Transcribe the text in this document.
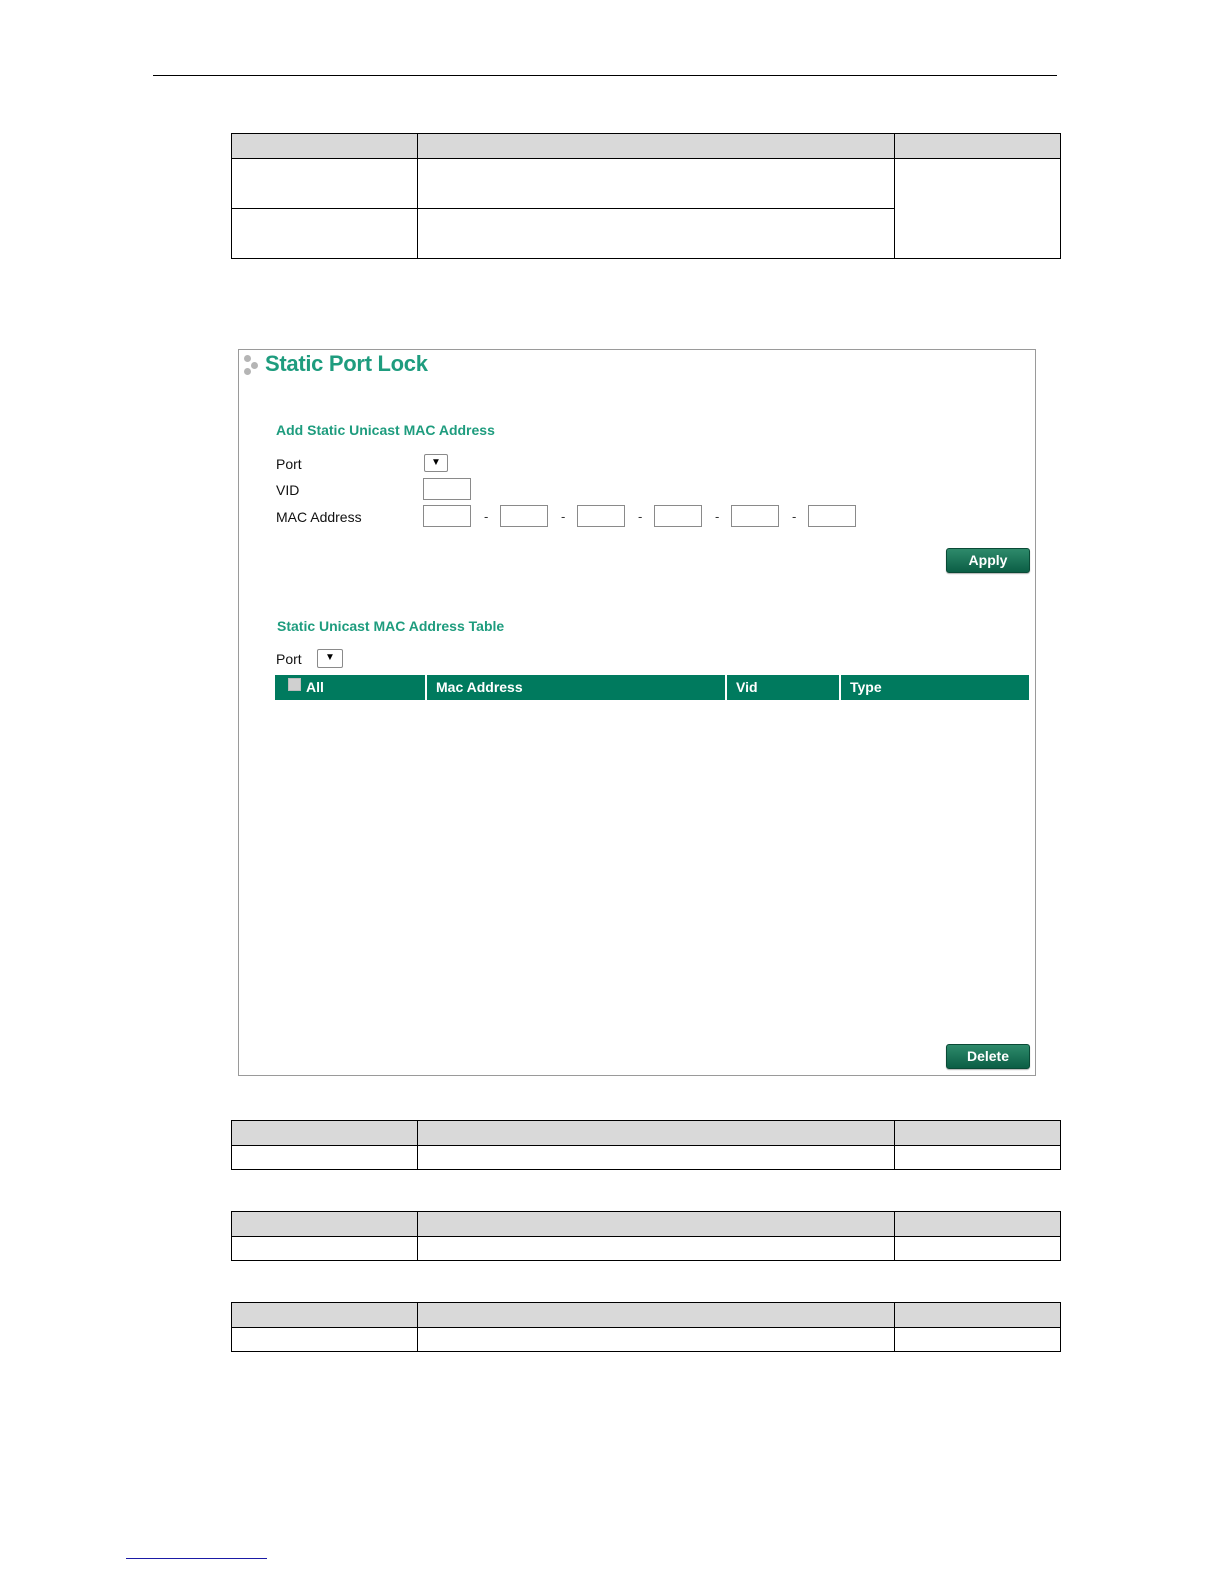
Static Port Lock
Add Static Unicast MAC Address
Port	▼
VID
MAC Address	-	-	-	-	-
Apply
Static Unicast MAC Address Table
Port	▼
All	Mac Address	Vid	Type
Delete
